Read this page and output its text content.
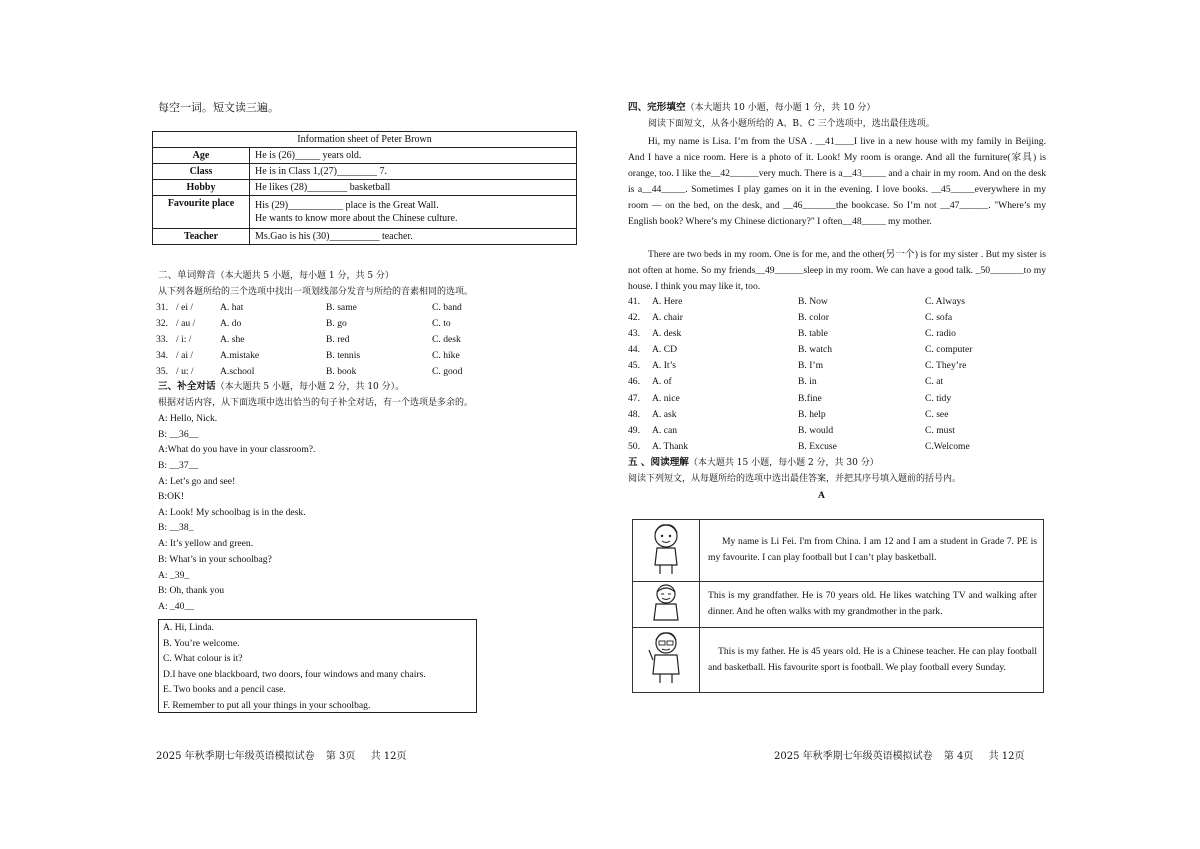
每空一词。短文读三遍。
Information sheet of Peter Brown	
Age	He is (26)_____ years old.
Class	He is in Class 1,(27)________ 7.
Hobby	He likes (28)________ basketball
Favourite place	His (29)___________ place is the Great Wall.
He wants to know more about the Chinese culture.

Teacher	Ms.Gao is his (30)__________ teacher.
二、单词辩音（本大题共 5 小题，每小题 1 分，共 5 分）
从下列各题所给的三个选项中找出一项划线部分发音与所给的音素相同的选项。
31. / ei /	A. hat	B. same	C. band
32. / au /	A. do	B. go	C. to
33. / i: /	A. she	B. red	C. desk
34. / ai /	A.mistake	B. tennis	C. hike
35. / u: /	A.school	B. book	C. good
三、补全对话（本大题共 5 小题，每小题 2 分，共 10 分）。
根据对话内容，从下面选项中选出恰当的句子补全对话，有一个选项是多余的。
A: Hello, Nick.
B: __36__
A:What do you have in your classroom?.
B: __37__
A: Let’s go and see!
B:OK!
A: Look! My schoolbag is in the desk.
B: __38_
A: It’s yellow and green.
B: What’s in your schoolbag?
A: _39_
B: Oh, thank you
A: _40__
A. Hi, Linda.
B. You’re welcome.
C. What colour is it?
D.I have one blackboard, two doors, four windows and many chairs.
E. Two books and a pencil case.
F. Remember to put all your things in your schoolbag.
2025 年秋季期七年级英语模拟试卷 第 3页 共 12页
四、完形填空（本大题共 10 小题，每小题 1 分，共 10 分）
阅读下面短文，从各小题所给的 A、B、C 三个选项中，选出最佳选项。
Hi, my name is Lisa. I’m from the USA . __41____I live in a new house with my family in Beijing. And I have a nice room. Here is a photo of it. Look! My room is orange. And all the furniture(家具) is orange, too. I like the__42______very much. There is a__43_____ and a chair in my room. And on the desk is a__44_____. Sometimes I play games on it in the evening. I love books. __45_____everywhere in my room — on the bed, on the desk, and __46_______the bookcase. So I’m not __47______. "Where’s my English book? Where’s my Chinese dictionary?" I often__48_____ my mother.
There are two beds in my room. One is for me, and the other(另一个) is for my sister . But my sister is not often at home. So my friends__49______sleep in my room. We can have a good talk. _50_______to my house. I think you may like it, too.
41. A. Here	B. Now	C. Always
42. A. chair	B. color	C. sofa
43. A. desk	B. table	C. radio
44. A. CD	B. watch	C. computer
45. A. It’s	B. I’m	C. They’re
46. A. of	B. in	C. at
47. A. nice	B.fine	C. tidy
48. A. ask	B. help	C. see
49. A. can	B. would	C. must
50. A. Thank	B. Excuse	C.Welcome
五 、阅读理解（本大题共 15 小题，每小题 2 分，共 30 分）
阅读下列短文，从每题所给的选项中选出最佳答案，并把其序号填入题前的括号内。
A
	My name is Li Fei. I'm from China. I am 12 and I am a student in Grade 7. PE is my favourite. I can play football but I can’t play basketball.
	This is my grandfather. He is 70 years old. He likes watching TV and walking after dinner. And he often walks with my grandmother in the park.
	This is my father. He is 45 years old. He is a Chinese teacher. He can play football and basketball. His favourite sport is football. We play football every Sunday.
2025 年秋季期七年级英语模拟试卷 第 4页 共 12页
